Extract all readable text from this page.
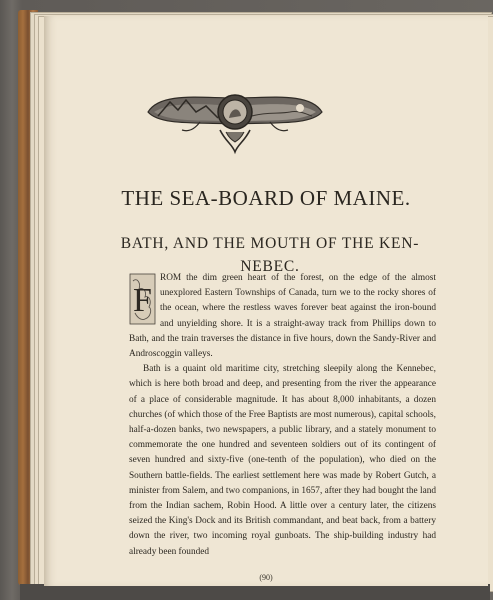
THE SEA-BOARD OF MAINE.
BATH, AND THE MOUTH OF THE KEN-
NEBEC.

F
ROM the dim green heart of the forest, on the edge of the almost unexplored Eastern Townships of Canada, turn we to the rocky shores of the ocean, where the restless waves forever beat against the iron-bound and unyielding shore. It is a straight-away track from Phillips down to Bath, and the train traverses the distance in five hours, down the Sandy-River and Androscoggin valleys.

Bath is a quaint old maritime city, stretching sleepily along the Kennebec, which is here both broad and deep, and presenting from the river the appearance of a place of considerable magnitude. It has about 8,000 inhabitants, a dozen churches (of which those of the Free Baptists are most numerous), capital schools, half-a-dozen banks, two newspapers, a public library, and a stately monument to commemorate the one hundred and seventeen soldiers out of its contingent of seven hundred and sixty-five (one-tenth of the population), who died on the Southern battle-fields. The earliest settlement here was made by Robert Gutch, a minister from Salem, and two companions, in 1657, after they had bought the land from the Indian sachem, Robin Hood. A little over a century later, the citizens seized the King's Dock and its British commandant, and beat back, from a battery down the river, two incoming royal gunboats. The ship-building industry had already been founded

(90)
